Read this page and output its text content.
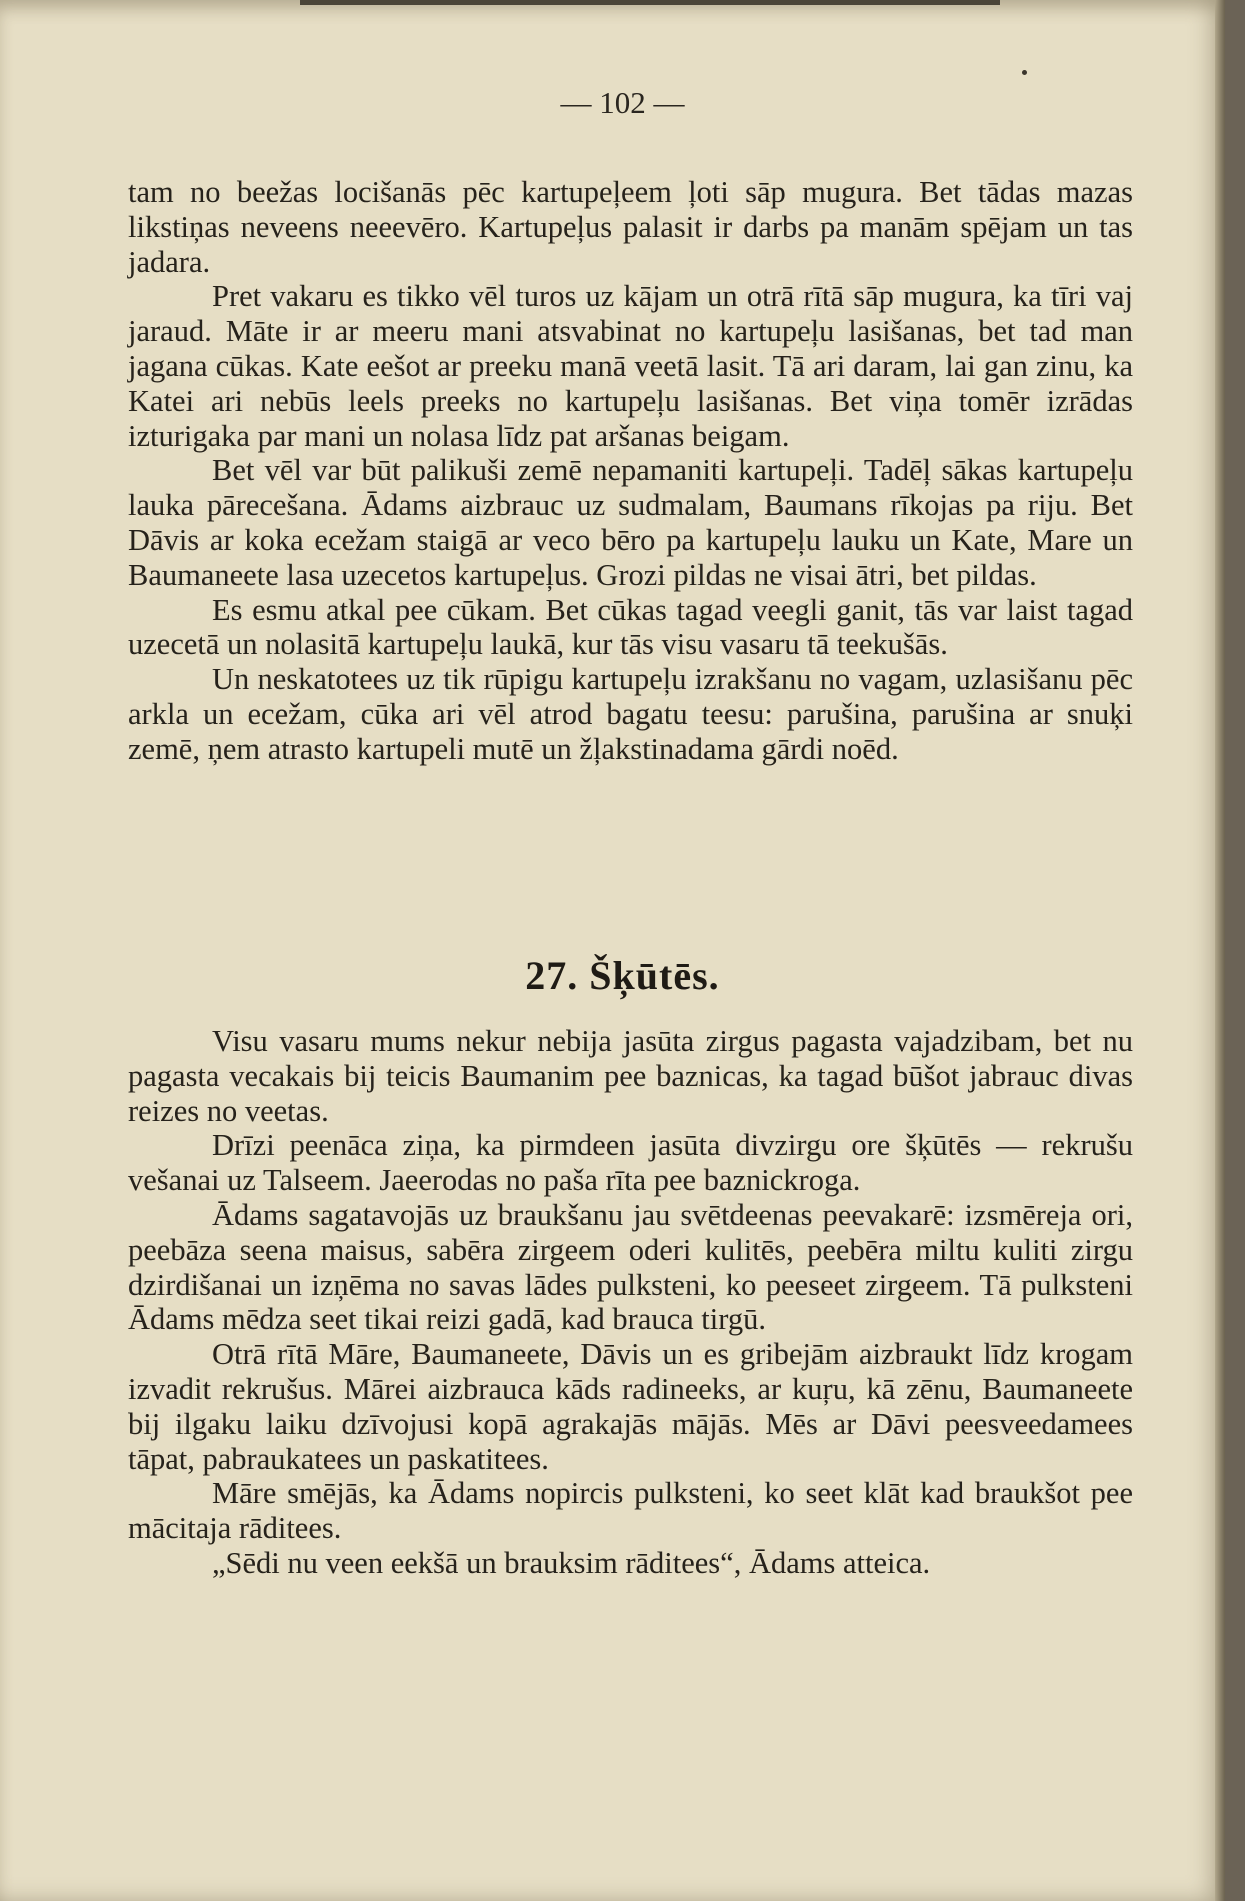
— 102 —

tam no beežas locišanās pēc kartupeļeem ļoti sāp mugura. Bet tādas mazas likstiņas neveens neeevēro. Kartupeļus palasit ir darbs pa manām spējam un tas jadara.

Pret vakaru es tikko vēl turos uz kājam un otrā rītā sāp mugura, ka tīri vaj jaraud. Māte ir ar meeru mani atsvabinat no kartupeļu lasišanas, bet tad man jagana cūkas. Kate eešot ar preeku manā veetā lasit. Tā ari daram, lai gan zinu, ka Katei ari nebūs leels preeks no kartupeļu lasišanas. Bet viņa tomēr izrādas izturigaka par mani un nolasa līdz pat aršanas beigam.

Bet vēl var būt palikuši zemē nepamaniti kartupeļi. Tadēļ sākas kartupeļu lauka pārecešana. Ādams aizbrauc uz sudmalam, Baumans rīkojas pa riju. Bet Dāvis ar koka ecežam staigā ar veco bēro pa kartupeļu lauku un Kate, Mare un Baumaneete lasa uzecetos kartupeļus. Grozi pildas ne visai ātri, bet pildas.

Es esmu atkal pee cūkam. Bet cūkas tagad veegli ganit, tās var laist tagad uzecetā un nolasitā kartupeļu laukā, kur tās visu vasaru tā teekušās.

Un neskatotees uz tik rūpigu kartupeļu izrakšanu no vagam, uzlasišanu pēc arkla un ecežam, cūka ari vēl atrod bagatu teesu: parušina, parušina ar snuķi zemē, ņem atrasto kartupeli mutē un žļakstinadama gārdi noēd.

27. Šķūtēs.

Visu vasaru mums nekur nebija jasūta zirgus pagasta vajadzibam, bet nu pagasta vecakais bij teicis Baumanim pee baznicas, ka tagad būšot jabrauc divas reizes no veetas.

Drīzi peenāca ziņa, ka pirmdeen jasūta divzirgu ore šķūtēs — rekrušu vešanai uz Talseem. Jaeerodas no paša rīta pee baznickroga.

Ādams sagatavojās uz braukšanu jau svētdeenas peevakarē: izsmēreja ori, peebāza seena maisus, sabēra zirgeem oderi kulitēs, peebēra miltu kuliti zirgu dzirdišanai un izņēma no savas lādes pulksteni, ko peeseet zirgeem. Tā pulksteni Ādams mēdza seet tikai reizi gadā, kad brauca tirgū.

Otrā rītā Māre, Baumaneete, Dāvis un es gribejām aizbraukt līdz krogam izvadit rekrušus. Mārei aizbrauca kāds radineeks, ar kuŗu, kā zēnu, Baumaneete bij ilgaku laiku dzīvojusi kopā agrakajās mājās. Mēs ar Dāvi peesveedamees tāpat, pabraukatees un paskatitees.

Māre smējās, ka Ādams nopircis pulksteni, ko seet klāt kad braukšot pee mācitaja rāditees.

„Sēdi nu veen eekšā un brauksim rāditees“, Ādams atteica.
